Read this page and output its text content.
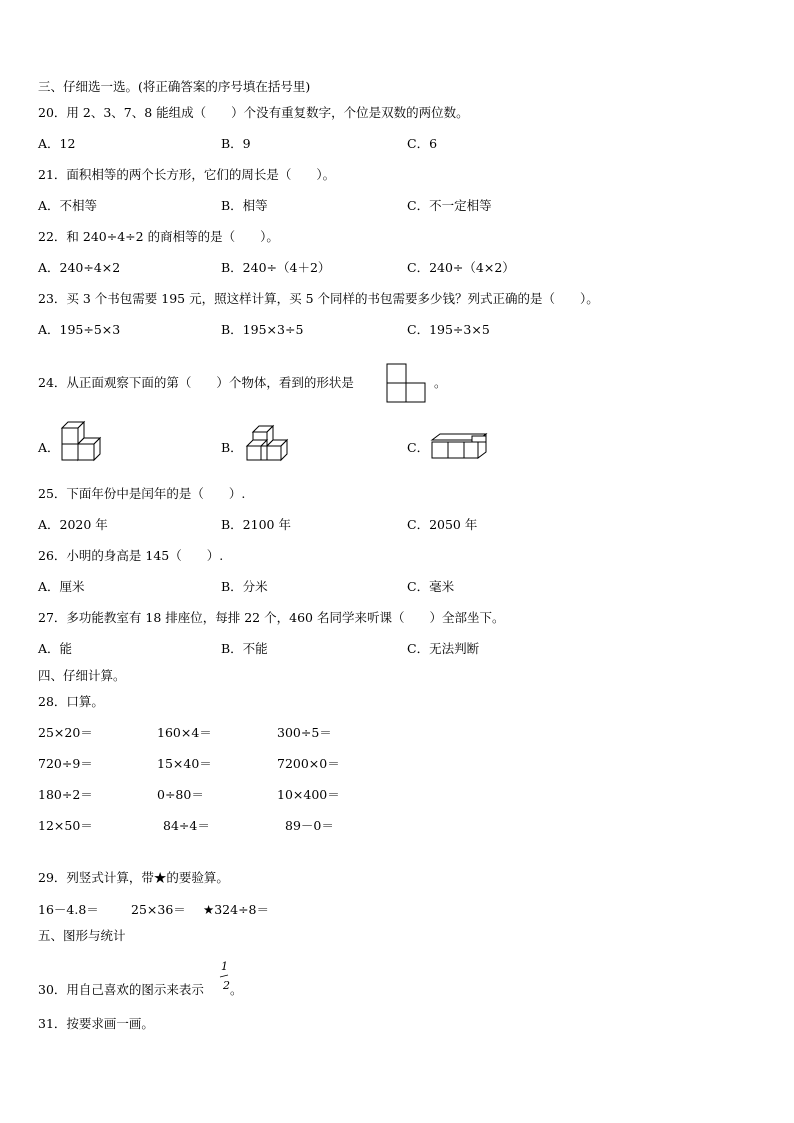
三、仔细选一选。(将正确答案的序号填在括号里)
20．用 2、3、7、8 能组成（　　）个没有重复数字，个位是双数的两位数。
A．12	B．9	C．6
21．面积相等的两个长方形，它们的周长是（　　）。
A．不相等	B．相等	C．不一定相等
22．和 240÷4÷2 的商相等的是（　　）。
A．240÷4×2	B．240÷（4＋2）	C．240÷（4×2）
23．买 3 个书包需要 195 元，照这样计算，买 5 个同样的书包需要多少钱？列式正确的是（　　）。
A．195÷5×3	B．195×3÷5	C．195÷3×5
24．从正面观察下面的第（　　）个物体，看到的形状是	。
A．	B．	C．
25．下面年份中是闰年的是（　　）.
A．2020 年	B．2100 年	C．2050 年
26．小明的身高是 145（　　）.
A．厘米	B．分米	C．毫米
27．多功能教室有 18 排座位，每排 22 个，460 名同学来听课（　　）全部坐下。
A．能	B．不能	C．无法判断
四、仔细计算。
28．口算。
25×20＝	160×4＝	300÷5＝
720÷9＝	15×40＝	7200×0＝
180÷2＝	0÷80＝	10×400＝
12×50＝	84÷4＝	89－0＝
29．列竖式计算，带★的要验算。
16－4.8＝	25×36＝ ★324÷8＝
五、图形与统计
30．用自己喜欢的图示来表示
1
2 。
31．按要求画一画。
